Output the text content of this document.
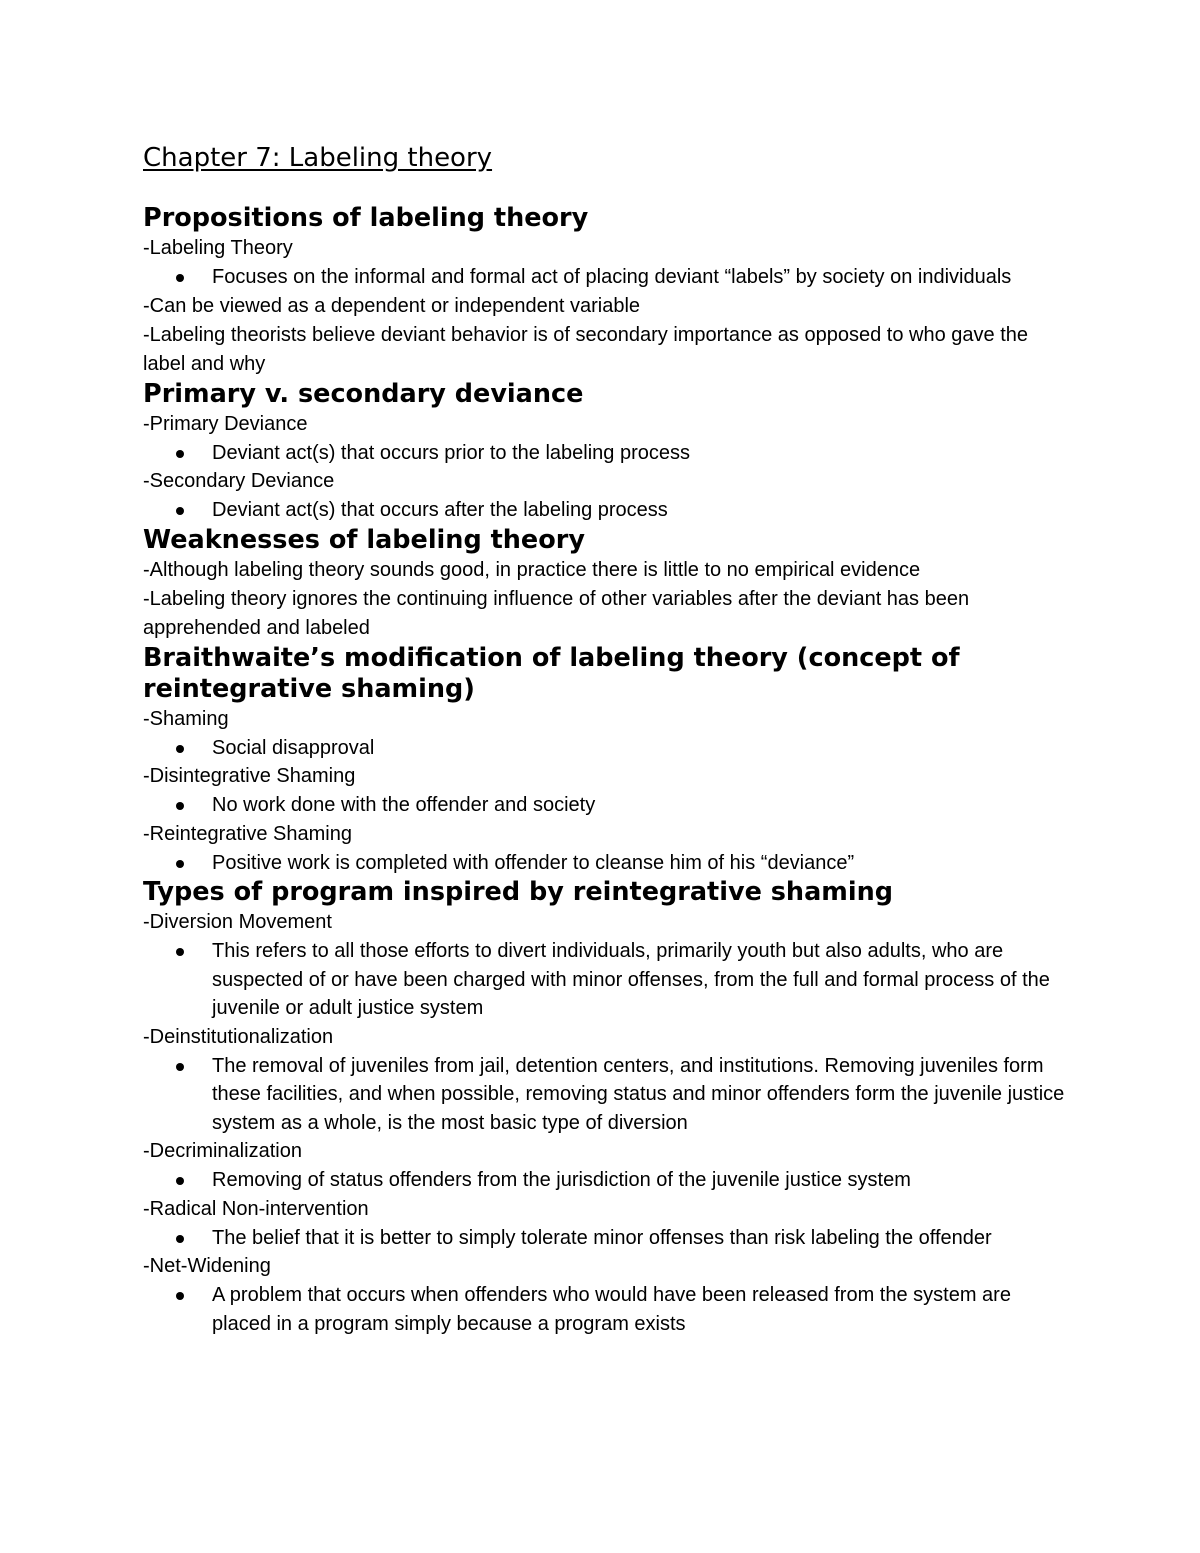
Chapter 7: Labeling theory
Propositions of labeling theory

-Labeling Theory

Focuses on the informal and formal act of placing deviant “labels” by society on individuals

-Can be viewed as a dependent or independent variable

-Labeling theorists believe deviant behavior is of secondary importance as opposed to who gave the label and why

Primary v. secondary deviance

-Primary Deviance

Deviant act(s) that occurs prior to the labeling process

-Secondary Deviance

Deviant act(s) that occurs after the labeling process

Weaknesses of labeling theory

-Although labeling theory sounds good, in practice there is little to no empirical evidence

-Labeling theory ignores the continuing influence of other variables after the deviant has been apprehended and labeled

Braithwaite’s modification of labeling theory (concept of reintegrative shaming)

-Shaming

Social disapproval

-Disintegrative Shaming

No work done with the offender and society

-Reintegrative Shaming

Positive work is completed with offender to cleanse him of his “deviance”

Types of program inspired by reintegrative shaming

-Diversion Movement

This refers to all those efforts to divert individuals, primarily youth but also adults, who are suspected of or have been charged with minor offenses, from the full and formal process of the juvenile or adult justice system

-Deinstitutionalization

The removal of juveniles from jail, detention centers, and institutions. Removing juveniles form these facilities, and when possible, removing status and minor offenders form the juvenile justice system as a whole, is the most basic type of diversion

-Decriminalization

Removing of status offenders from the jurisdiction of the juvenile justice system

-Radical Non-intervention

The belief that it is better to simply tolerate minor offenses than risk labeling the offender

-Net-Widening

A problem that occurs when offenders who would have been released from the system are placed in a program simply because a program exists
